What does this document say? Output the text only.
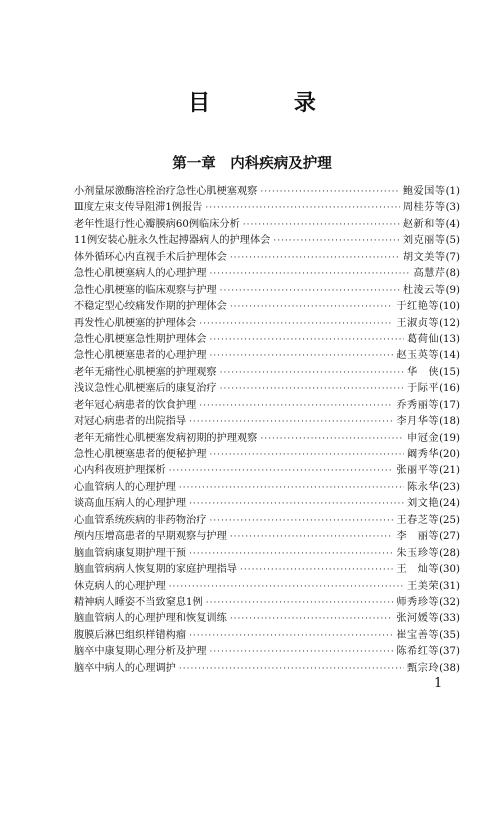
目 录
第一章　内科疾病及护理
小剂量尿激酶溶栓治疗急性心肌梗塞观察 ·····	鲍爱国等 (1)
Ⅲ度左束支传导阻滞1例报告 ·····	周桂芬等 (3)
老年性退行性心瓣膜病60例临床分析 ·····	赵新和等 (4)
11例安装心脏永久性起搏器病人的护理体会 ·····	刘克丽等 (5)
体外循环心内直视手术后护理体会 ·····	胡文美等 (7)
急性心肌梗塞病人的心理护理 ·····	高慧芹 (8)
急性心肌梗塞的临床观察与护理 ·····	杜淩云等 (9)
不稳定型心绞痛发作期的护理体会 ·····	于红艳等 (10)
再发性心肌梗塞的护理体会 ·····	王淑贞等 (12)
急性心肌梗塞急性期护理体会 ·····	葛荷仙 (13)
急性心肌梗塞患者的心理护理 ·····	赵玉英等 (14)
老年无痛性心肌梗塞的护理观察 ·····	华　侠 (15)
浅议急性心肌梗塞后的康复治疗 ·····	于际平 (16)
老年冠心病患者的饮食护理 ·····	乔秀丽等 (17)
对冠心病患者的出院指导 ·····	李月华等 (18)
老年无痛性心肌梗塞发病初期的护理观察 ·····	申冠金 (19)
急性心肌梗塞患者的便秘护理 ·····	阚秀华 (20)
心内科夜班护理探析 ·····	张丽平等 (21)
心血管病人的心理护理 ·····	陈永华 (23)
谈高血压病人的心理护理 ·····	刘文艳 (24)
心血管系统疾病的非药物治疗 ·····	王春芝等 (25)
颅内压增高患者的早期观察与护理 ·····	李　丽等 (27)
脑血管病康复期护理干预 ·····	朱玉珍等 (28)
脑血管病病人恢复期的家庭护理指导 ·····	王　灿等 (30)
休克病人的心理护理 ·····	王美荣 (31)
精神病人睡姿不当致窒息1例 ·····	师秀珍等 (32)
脑血管病人的心理护理和恢复训练 ·····	张河媛等 (33)
腹膜后淋巴组织样错构瘤 ·····	崔宝善等 (35)
脑卒中康复期心理分析及护理 ·····	陈希红等 (37)
脑卒中病人的心理调护 ·····	甄宗玲 (38)
1
